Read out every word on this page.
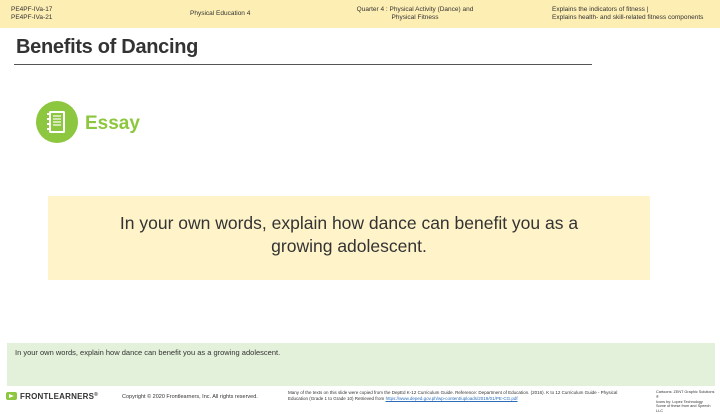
PE4PF-IVa-17
PE4PF-IVa-21	Physical Education 4
Quarter 4 : Physical Activity (Dance) and
Physical Fitness
Explains the indicators of fitness |
Explains health- and skill-related fitness components
Benefits of Dancing
Essay
In your own words, explain how dance can benefit you as a
growing adolescent.
In your own words, explain how dance can benefit you as a growing adolescent.
FRONTLEARNERS®	Copyright © 2020 Frontlearners, Inc. All rights reserved.
Many of the texts on this slide were copied from the DepEd K-12 Curriculum Guide. Reference: Department of Education. (2016). K to 12 Curriculum Guide - Physical Education (Grade 1 to Grade 10) Retrieved from https://www.deped.gov.ph/wp-content/uploads/2019/01/PE-CG.pdf
Cartoons: ZENT Graphic Solutions ®
Icons by: Lopez Technology
Some of these from and Speech LLC
